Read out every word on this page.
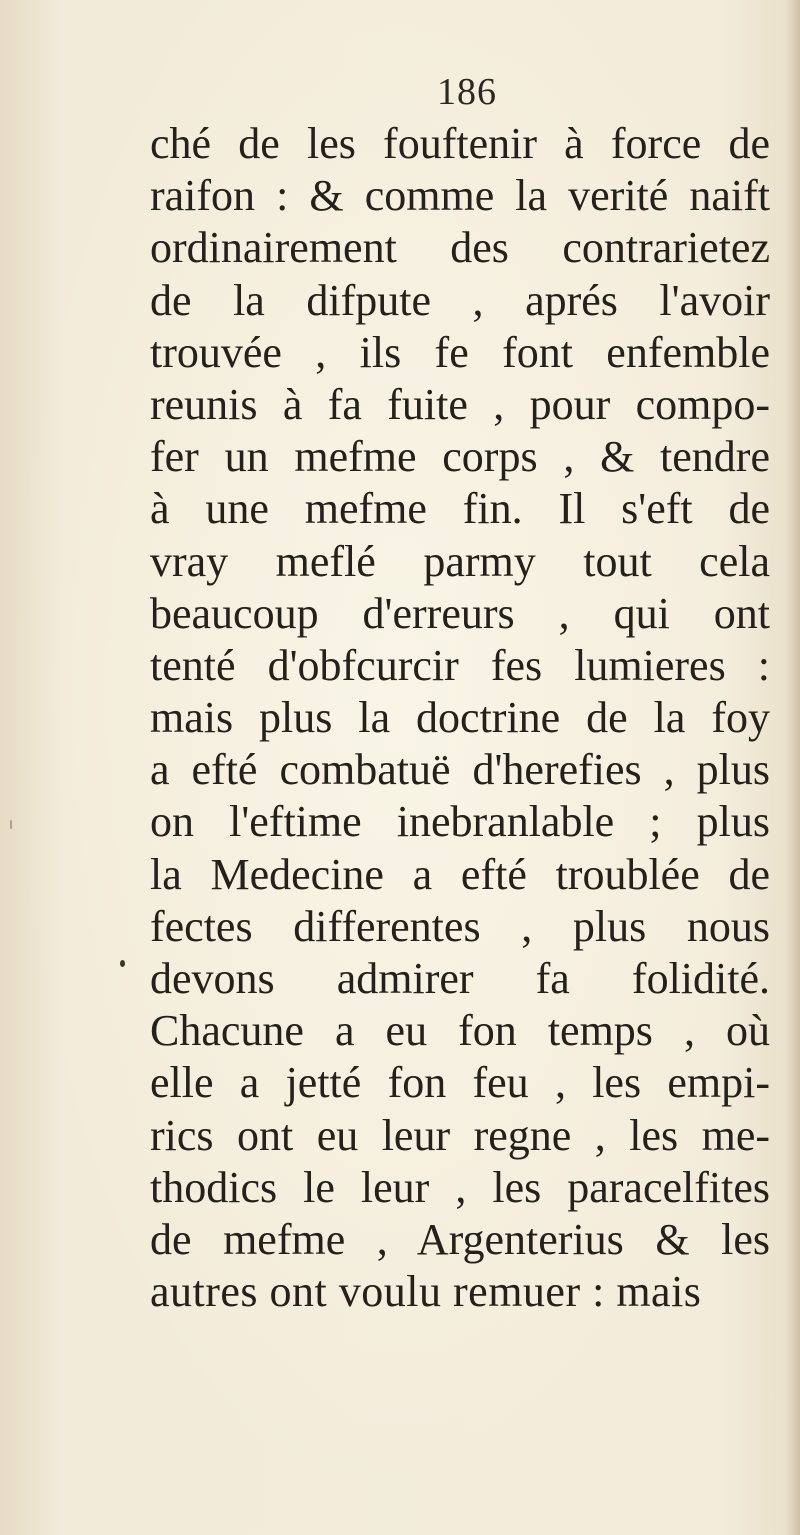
186
ché de les fouftenir à force de
raifon : & comme la verité naift
ordinairement des contrarietez
de la difpute , aprés l'avoir
trouvée , ils fe font enfemble
reunis à fa fuite , pour compo-
fer un mefme corps , & tendre
à une mefme fin. Il s'eft de
vray meflé parmy tout cela
beaucoup d'erreurs , qui ont
tenté d'obfcurcir fes lumieres :
mais plus la doctrine de la foy
a efté combatuë d'herefies , plus
on l'eftime inebranlable ; plus
la Medecine a efté troublée de
fectes differentes , plus nous
devons admirer fa folidité.
Chacune a eu fon temps , où
elle a jetté fon feu , les empi-
rics ont eu leur regne , les me-
thodics le leur , les paracelfites
de mefme , Argenterius & les
autres ont voulu remuer : mais
